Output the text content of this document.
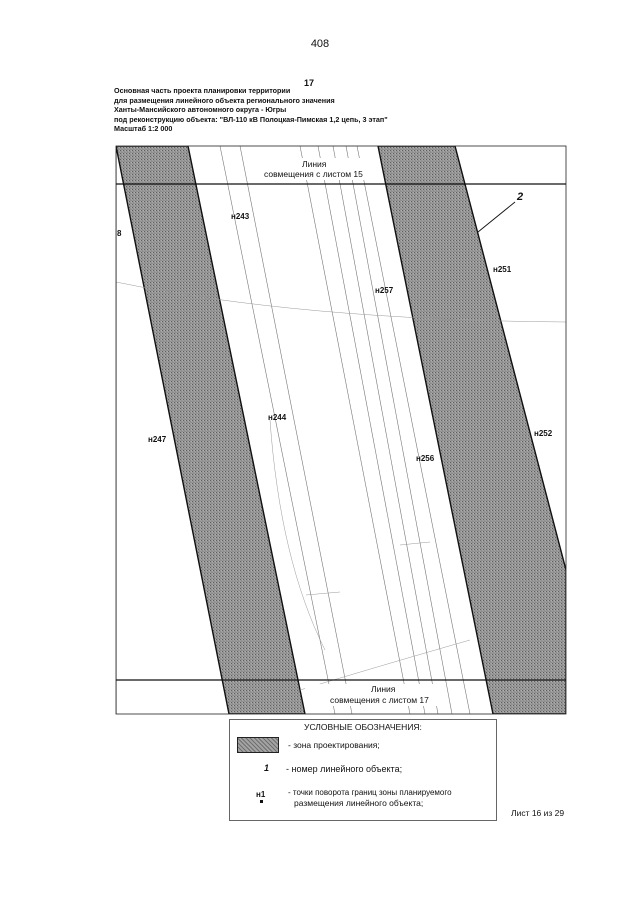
408
17
Основная часть проекта планировки территории
для размещения линейного объекта регионального значения
Ханты-Мансийского автономного округа - Югры
под реконструкцию объекта: "ВЛ-110 кВ Полоцкая-Пимская 1,2 цепь, 3 этап"
Масштаб 1:2 000
Линия
совмещения с листом 15
Линия
совмещения с листом 17
2
8
н243
н244
н247
н251
н252
н256
н257
УСЛОВНЫЕ ОБОЗНАЧЕНИЯ:
- зона проектирования;
1 - номер линейного объекта;
н1	- точки поворота границ зоны планируемого
размещения линейного объекта;
Лист 16 из 29
